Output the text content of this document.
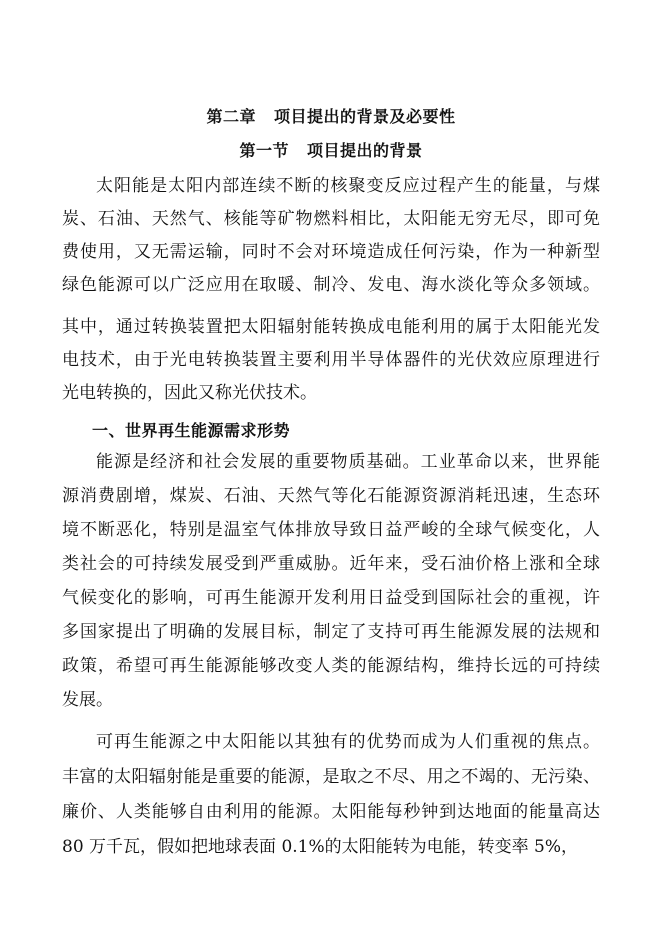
第二章 项目提出的背景及必要性
第一节 项目提出的背景
太阳能是太阳内部连续不断的核聚变反应过程产生的能量，与煤
炭、石油、天然气、核能等矿物燃料相比，太阳能无穷无尽，即可免
费使用，又无需运输，同时不会对环境造成任何污染，作为一种新型
绿色能源可以广泛应用在取暖、制冷、发电、海水淡化等众多领域。
其中，通过转换装置把太阳辐射能转换成电能利用的属于太阳能光发
电技术，由于光电转换装置主要利用半导体器件的光伏效应原理进行
光电转换的，因此又称光伏技术。
一、世界再生能源需求形势
能源是经济和社会发展的重要物质基础。工业革命以来，世界能
源消费剧增，煤炭、石油、天然气等化石能源资源消耗迅速，生态环
境不断恶化，特别是温室气体排放导致日益严峻的全球气候变化，人
类社会的可持续发展受到严重威胁。近年来，受石油价格上涨和全球
气候变化的影响，可再生能源开发利用日益受到国际社会的重视，许
多国家提出了明确的发展目标，制定了支持可再生能源发展的法规和
政策，希望可再生能源能够改变人类的能源结构，维持长远的可持续
发展。
可再生能源之中太阳能以其独有的优势而成为人们重视的焦点。
丰富的太阳辐射能是重要的能源，是取之不尽、用之不竭的、无污染、
廉价、人类能够自由利用的能源。太阳能每秒钟到达地面的能量高达
80 万千瓦，假如把地球表面 0.1%的太阳能转为电能，转变率 5%，
